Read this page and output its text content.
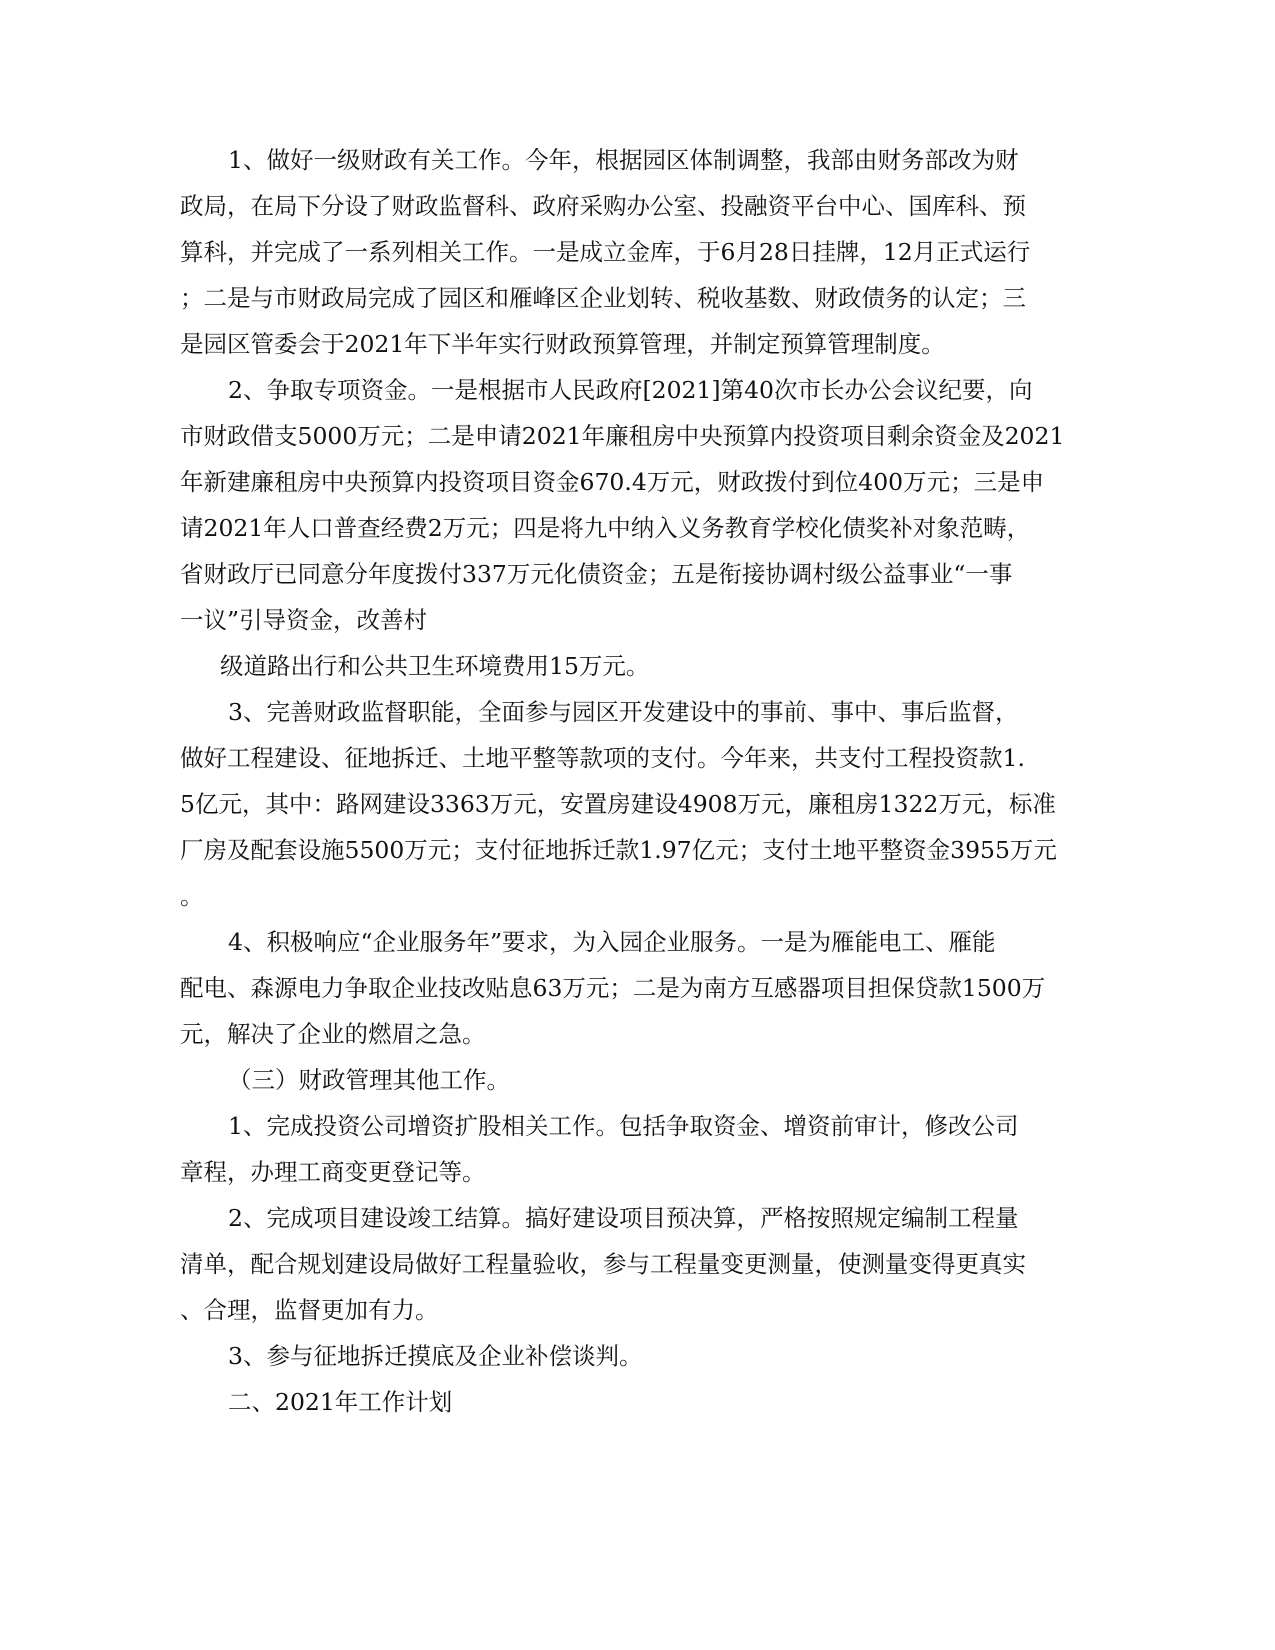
1、做好一级财政有关工作。今年，根据园区体制调整，我部由财务部改为财
政局，在局下分设了财政监督科、政府采购办公室、投融资平台中心、国库科、预
算科，并完成了一系列相关工作。一是成立金库，于6月28日挂牌，12月正式运行
；二是与市财政局完成了园区和雁峰区企业划转、税收基数、财政债务的认定；三
是园区管委会于2021年下半年实行财政预算管理，并制定预算管理制度。
2、争取专项资金。一是根据市人民政府[2021]第40次市长办公会议纪要，向
市财政借支5000万元；二是申请2021年廉租房中央预算内投资项目剩余资金及2021
年新建廉租房中央预算内投资项目资金670.4万元，财政拨付到位400万元；三是申
请2021年人口普查经费2万元；四是将九中纳入义务教育学校化债奖补对象范畴，
省财政厅已同意分年度拨付337万元化债资金；五是衔接协调村级公益事业“一事
一议”引导资金，改善村
级道路出行和公共卫生环境费用15万元。
3、完善财政监督职能，全面参与园区开发建设中的事前、事中、事后监督，
做好工程建设、征地拆迁、土地平整等款项的支付。今年来，共支付工程投资款1.
5亿元，其中：路网建设3363万元，安置房建设4908万元，廉租房1322万元，标准
厂房及配套设施5500万元；支付征地拆迁款1.97亿元；支付土地平整资金3955万元
。
4、积极响应“企业服务年”要求，为入园企业服务。一是为雁能电工、雁能
配电、森源电力争取企业技改贴息63万元；二是为南方互感器项目担保贷款1500万
元，解决了企业的燃眉之急。
（三）财政管理其他工作。
1、完成投资公司增资扩股相关工作。包括争取资金、增资前审计，修改公司
章程，办理工商变更登记等。
2、完成项目建设竣工结算。搞好建设项目预决算，严格按照规定编制工程量
清单，配合规划建设局做好工程量验收，参与工程量变更测量，使测量变得更真实
、合理，监督更加有力。
3、参与征地拆迁摸底及企业补偿谈判。
二、2021年工作计划
